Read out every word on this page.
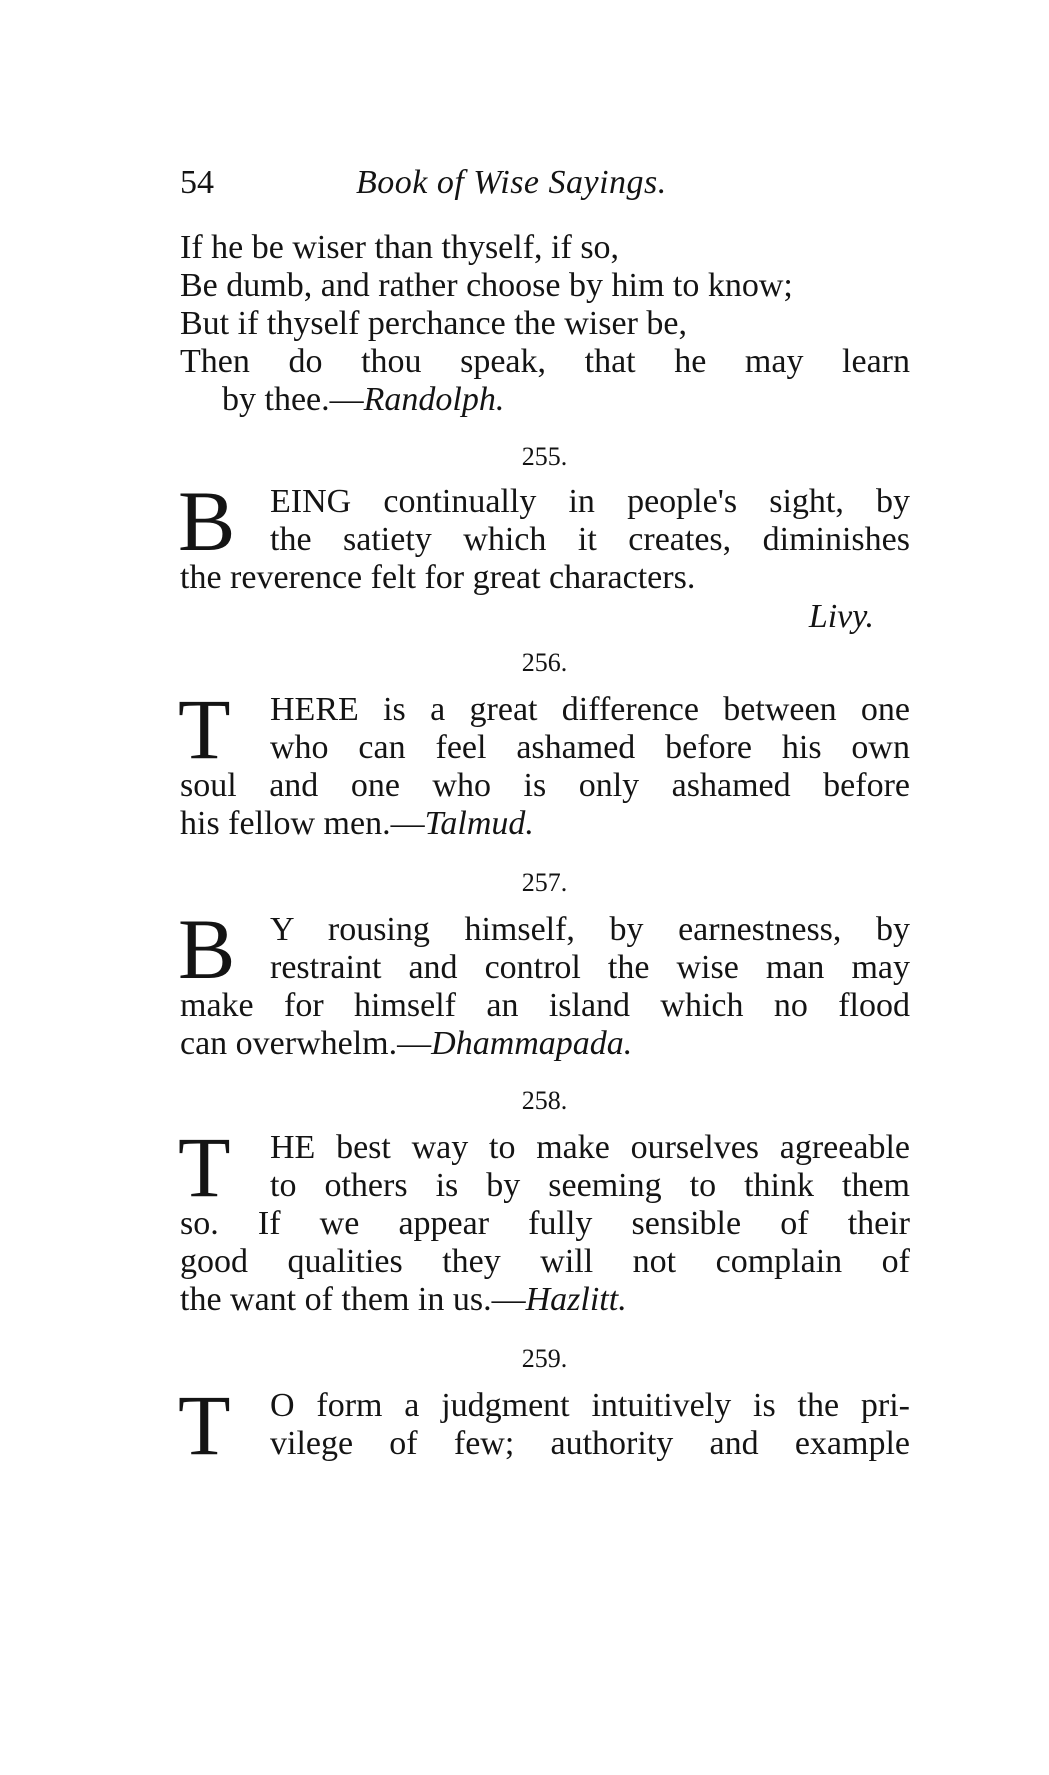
54	Book of Wise Sayings.
If he be wiser than thyself, if so,
Be dumb, and rather choose by him to know;
But if thyself perchance the wiser be,
Then do thou speak, that he may learn
by thee.—Randolph.
255.
B EING continually in people's sight, by
the satiety which it creates, diminishes
the reverence felt for great characters.
Livy.
256.
T HERE is a great difference between one
who can feel ashamed before his own
soul and one who is only ashamed before
his fellow men.—Talmud.
257.
B Y rousing himself, by earnestness, by
restraint and control the wise man may
make for himself an island which no flood
can overwhelm.—Dhammapada.
258.
T HE best way to make ourselves agreeable
to others is by seeming to think them
so. If we appear fully sensible of their
good qualities they will not complain of
the want of them in us.—Hazlitt.
259.
T O form a judgment intuitively is the pri-
vilege of few; authority and example
